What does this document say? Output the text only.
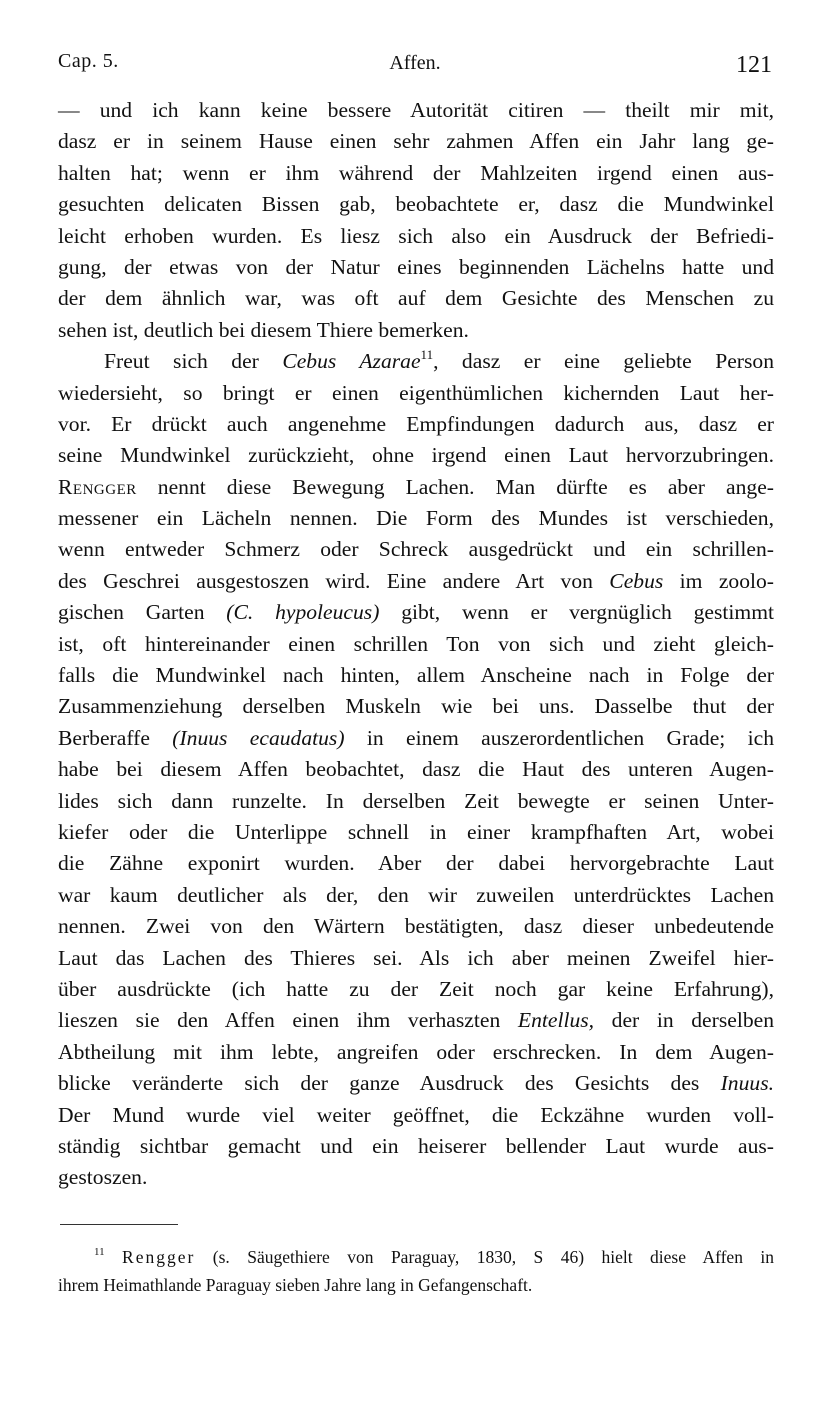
Cap. 5.	Affen.	121
— und ich kann keine bessere Autorität citiren — theilt mir mit,
dasz er in seinem Hause einen sehr zahmen Affen ein Jahr lang ge-
halten hat; wenn er ihm während der Mahlzeiten irgend einen aus-
gesuchten delicaten Bissen gab, beobachtete er, dasz die Mundwinkel
leicht erhoben wurden. Es liesz sich also ein Ausdruck der Befriedi-
gung, der etwas von der Natur eines beginnenden Lächelns hatte und
der dem ähnlich war, was oft auf dem Gesichte des Menschen zu
sehen ist, deutlich bei diesem Thiere bemerken.
Freut sich der Cebus Azarae$^{11}$, dasz er eine geliebte Person
wiedersieht, so bringt er einen eigenthümlichen kichernden Laut her-
vor. Er drückt auch angenehme Empfindungen dadurch aus, dasz er
seine Mundwinkel zurückzieht, ohne irgend einen Laut hervorzubringen.
Rengger nennt diese Bewegung Lachen. Man dürfte es aber ange-
messener ein Lächeln nennen. Die Form des Mundes ist verschieden,
wenn entweder Schmerz oder Schreck ausgedrückt und ein schrillen-
des Geschrei ausgestoszen wird. Eine andere Art von Cebus im zoolo-
gischen Garten (C. hypoleucus) gibt, wenn er vergnüglich gestimmt
ist, oft hintereinander einen schrillen Ton von sich und zieht gleich-
falls die Mundwinkel nach hinten, allem Anscheine nach in Folge der
Zusammenziehung derselben Muskeln wie bei uns. Dasselbe thut der
Berberaffe (Inuus ecaudatus) in einem auszerordentlichen Grade; ich
habe bei diesem Affen beobachtet, dasz die Haut des unteren Augen-
lides sich dann runzelte. In derselben Zeit bewegte er seinen Unter-
kiefer oder die Unterlippe schnell in einer krampfhaften Art, wobei
die Zähne exponirt wurden. Aber der dabei hervorgebrachte Laut
war kaum deutlicher als der, den wir zuweilen unterdrücktes Lachen
nennen. Zwei von den Wärtern bestätigten, dasz dieser unbedeutende
Laut das Lachen des Thieres sei. Als ich aber meinen Zweifel hier-
über ausdrückte (ich hatte zu der Zeit noch gar keine Erfahrung),
lieszen sie den Affen einen ihm verhaszten Entellus, der in derselben
Abtheilung mit ihm lebte, angreifen oder erschrecken. In dem Augen-
blicke veränderte sich der ganze Ausdruck des Gesichts des Inuus.
Der Mund wurde viel weiter geöffnet, die Eckzähne wurden voll-
ständig sichtbar gemacht und ein heiserer bellender Laut wurde aus-
gestoszen.
$^{11}$ Rengger (s. Säugethiere von Paraguay, 1830, S 46) hielt diese Affen in
ihrem Heimathlande Paraguay sieben Jahre lang in Gefangenschaft.
